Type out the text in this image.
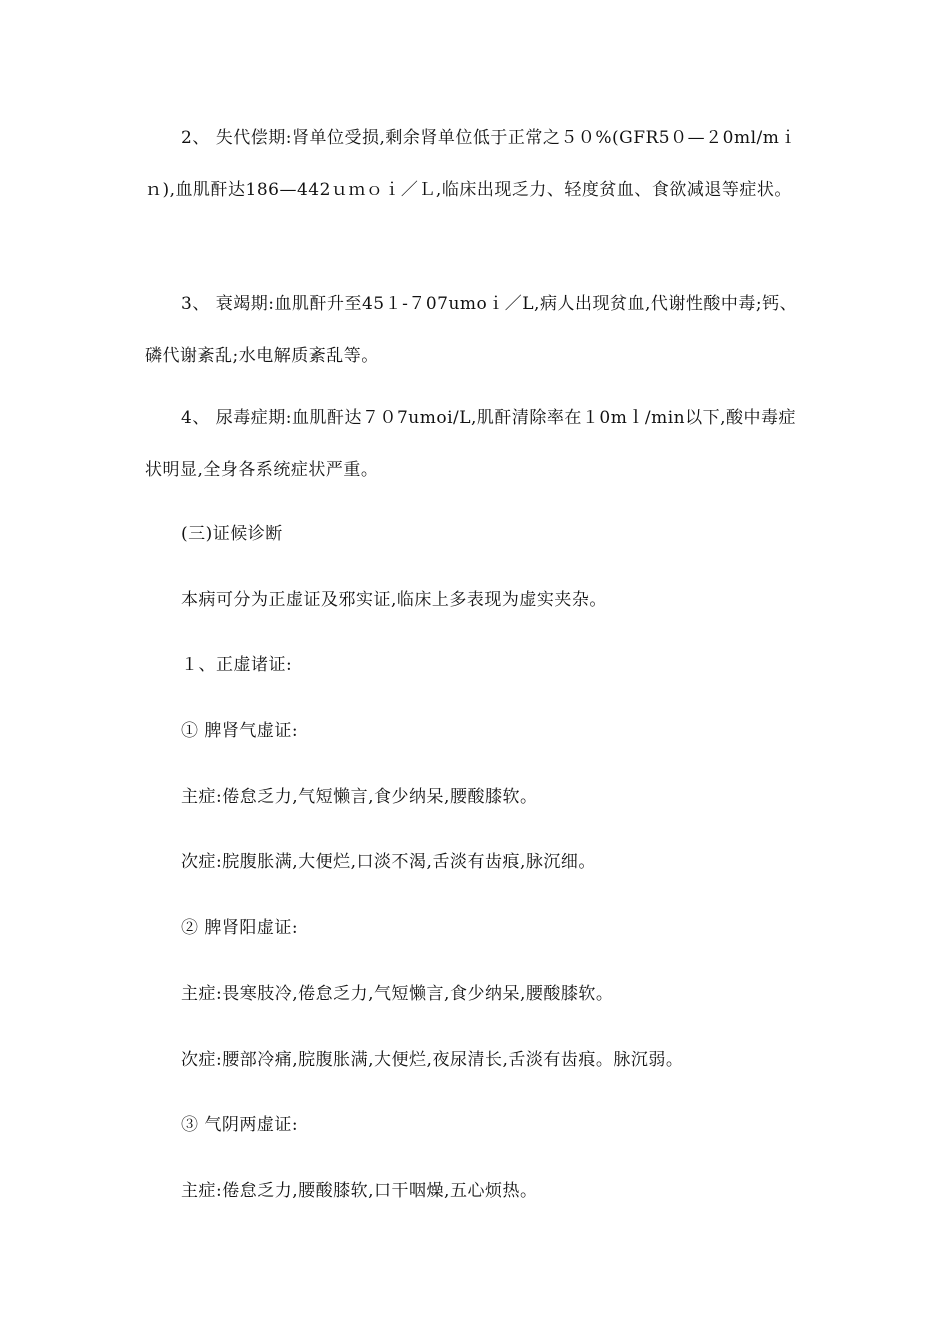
2、 失代偿期:肾单位受损,剩余肾单位低于正常之５０%(GFR5０—２0ml/mｉｎ),血肌酐达186—442ｕｍｏｉ／Ｌ,临床出现乏力、轻度贫血、食欲减退等症状。

3、 衰竭期:血肌酐升至45１-７07umoｉ／L,病人出现贫血,代谢性酸中毒;钙、磷代谢紊乱;水电解质紊乱等。

4、 尿毒症期:血肌酐达７０7umoi/L,肌酐清除率在１0mｌ/min以下,酸中毒症状明显,全身各系统症状严重。

(三)证候诊断

本病可分为正虚证及邪实证,临床上多表现为虚实夹杂。

１、正虚诸证:

① 脾肾气虚证:

主症:倦怠乏力,气短懒言,食少纳呆,腰酸膝软。

次症:脘腹胀满,大便烂,口淡不渴,舌淡有齿痕,脉沉细。

② 脾肾阳虚证:

主症:畏寒肢冷,倦怠乏力,气短懒言,食少纳呆,腰酸膝软。

次症:腰部冷痛,脘腹胀满,大便烂,夜尿清长,舌淡有齿痕。脉沉弱。

③ 气阴两虚证:

主症:倦怠乏力,腰酸膝软,口干咽燥,五心烦热。
